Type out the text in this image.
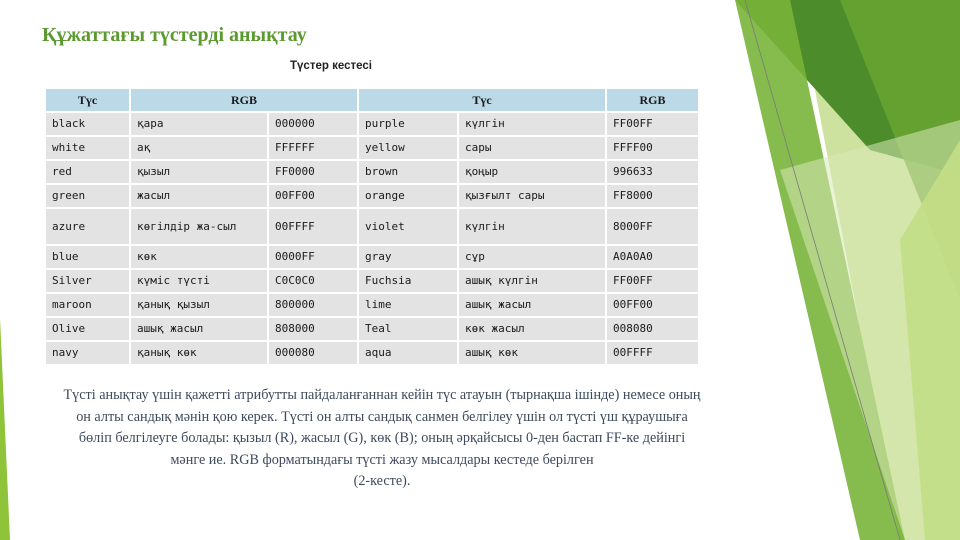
Құжаттағы түстерді анықтау
Түстер кестесі
Түс	RGB		Түс		RGB
black	қара	000000	purple	күлгін	FF00FF
white	ақ	FFFFFF	yellow	сары	FFFF00
red	қызыл	FF0000	brown	қоңыр	996633
green	жасыл	00FF00	orange	қызғылт сары	FF8000
azure	көгілдір жа-сыл	00FFFF	violet	күлгін	8000FF
blue	көк	0000FF	gray	сұр	A0A0A0
Silver	күміс түсті	C0C0C0	Fuchsia	ашық күлгін	FF00FF
maroon	қанық қызыл	800000	lime	ашық жасыл	00FF00
Olive	ашық жасыл	808000	Teal	көк жасыл	008080
navy	қанық көк	000080	aqua	ашық көк	00FFFF

Түсті анықтау үшін қажетті атрибутты пайдаланғаннан кейін түс атауын (тырнақша ішінде) немесе оның он алты сандық мәнін қою керек. Түсті он алты сандық санмен белгілеу үшін ол түсті үш құраушыға бөліп белгілеуге болады: қызыл (R), жасыл (G), көк (B); оның әрқайсысы 0-ден бастап FF-ке дейінгі мәнге ие. RGB форматындағы түсті жазу мысалдары кестеде берілген

(2-кесте).
